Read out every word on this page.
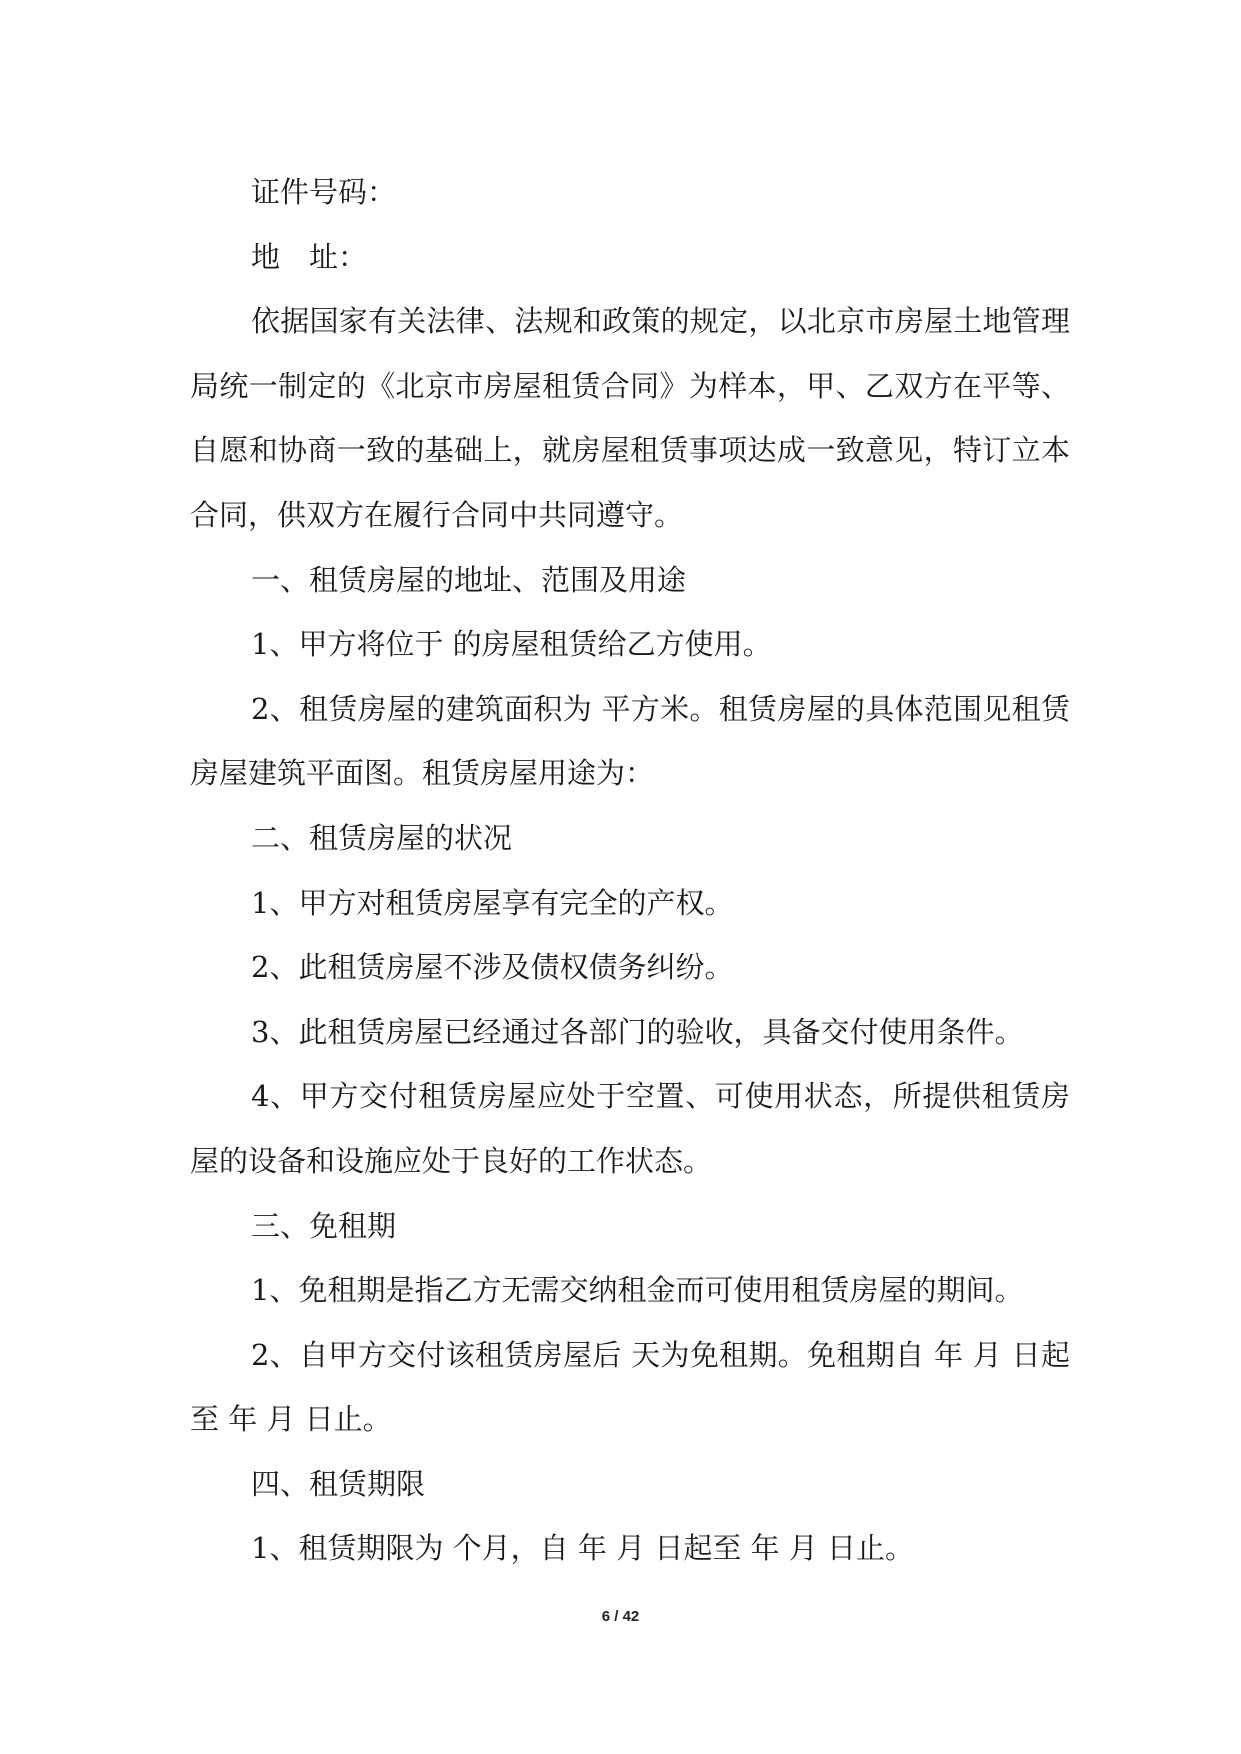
证件号码：

地　址：

依据国家有关法律、法规和政策的规定，以北京市房屋土地管理局统一制定的《北京市房屋租赁合同》为样本，甲、乙双方在平等、自愿和协商一致的基础上，就房屋租赁事项达成一致意见，特订立本合同，供双方在履行合同中共同遵守。

一、租赁房屋的地址、范围及用途

1、甲方将位于 的房屋租赁给乙方使用。

2、租赁房屋的建筑面积为 平方米。租赁房屋的具体范围见租赁房屋建筑平面图。租赁房屋用途为：

二、租赁房屋的状况

1、甲方对租赁房屋享有完全的产权。

2、此租赁房屋不涉及债权债务纠纷。

3、此租赁房屋已经通过各部门的验收，具备交付使用条件。

4、甲方交付租赁房屋应处于空置、可使用状态，所提供租赁房屋的设备和设施应处于良好的工作状态。

三、免租期

1、免租期是指乙方无需交纳租金而可使用租赁房屋的期间。

2、自甲方交付该租赁房屋后 天为免租期。免租期自 年 月 日起至 年 月 日止。

四、租赁期限

1、租赁期限为 个月，自 年 月 日起至 年 月 日止。

6 / 42
